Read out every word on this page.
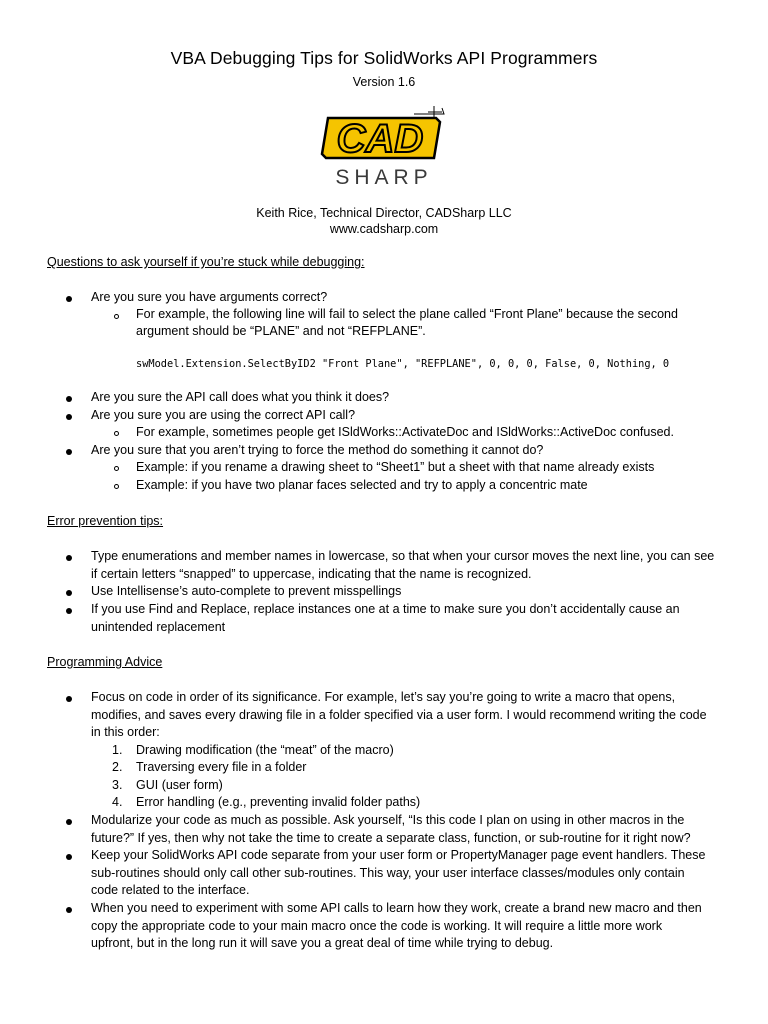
VBA Debugging Tips for SolidWorks API Programmers
Version 1.6
CAD
SHARP
Keith Rice, Technical Director, CADSharp LLC
www.cadsharp.com
Questions to ask yourself if you’re stuck while debugging:
Are you sure you have arguments correct?
For example, the following line will fail to select the plane called “Front Plane” because the second
argument should be “PLANE” and not “REFPLANE”.
swModel.Extension.SelectByID2 "Front Plane", "REFPLANE", 0, 0, 0, False, 0, Nothing, 0
Are you sure the API call does what you think it does?
Are you sure you are using the correct API call?
For example, sometimes people get ISldWorks::ActivateDoc and ISldWorks::ActiveDoc confused.
Are you sure that you aren’t trying to force the method do something it cannot do?
Example: if you rename a drawing sheet to “Sheet1” but a sheet with that name already exists
Example: if you have two planar faces selected and try to apply a concentric mate
Error prevention tips:
Type enumerations and member names in lowercase, so that when your cursor moves the next line, you can see
if certain letters “snapped” to uppercase, indicating that the name is recognized.
Use Intellisense’s auto-complete to prevent misspellings
If you use Find and Replace, replace instances one at a time to make sure you don’t accidentally cause an
unintended replacement
Programming Advice
Focus on code in order of its significance. For example, let’s say you’re going to write a macro that opens,
modifies, and saves every drawing file in a folder specified via a user form. I would recommend writing the code
in this order:
1. Drawing modification (the “meat” of the macro)
2. Traversing every file in a folder
3. GUI (user form)
4. Error handling (e.g., preventing invalid folder paths)
Modularize your code as much as possible. Ask yourself, “Is this code I plan on using in other macros in the
future?” If yes, then why not take the time to create a separate class, function, or sub-routine for it right now?
Keep your SolidWorks API code separate from your user form or PropertyManager page event handlers. These
sub-routines should only call other sub-routines. This way, your user interface classes/modules only contain
code related to the interface.
When you need to experiment with some API calls to learn how they work, create a brand new macro and then
copy the appropriate code to your main macro once the code is working. It will require a little more work
upfront, but in the long run it will save you a great deal of time while trying to debug.
